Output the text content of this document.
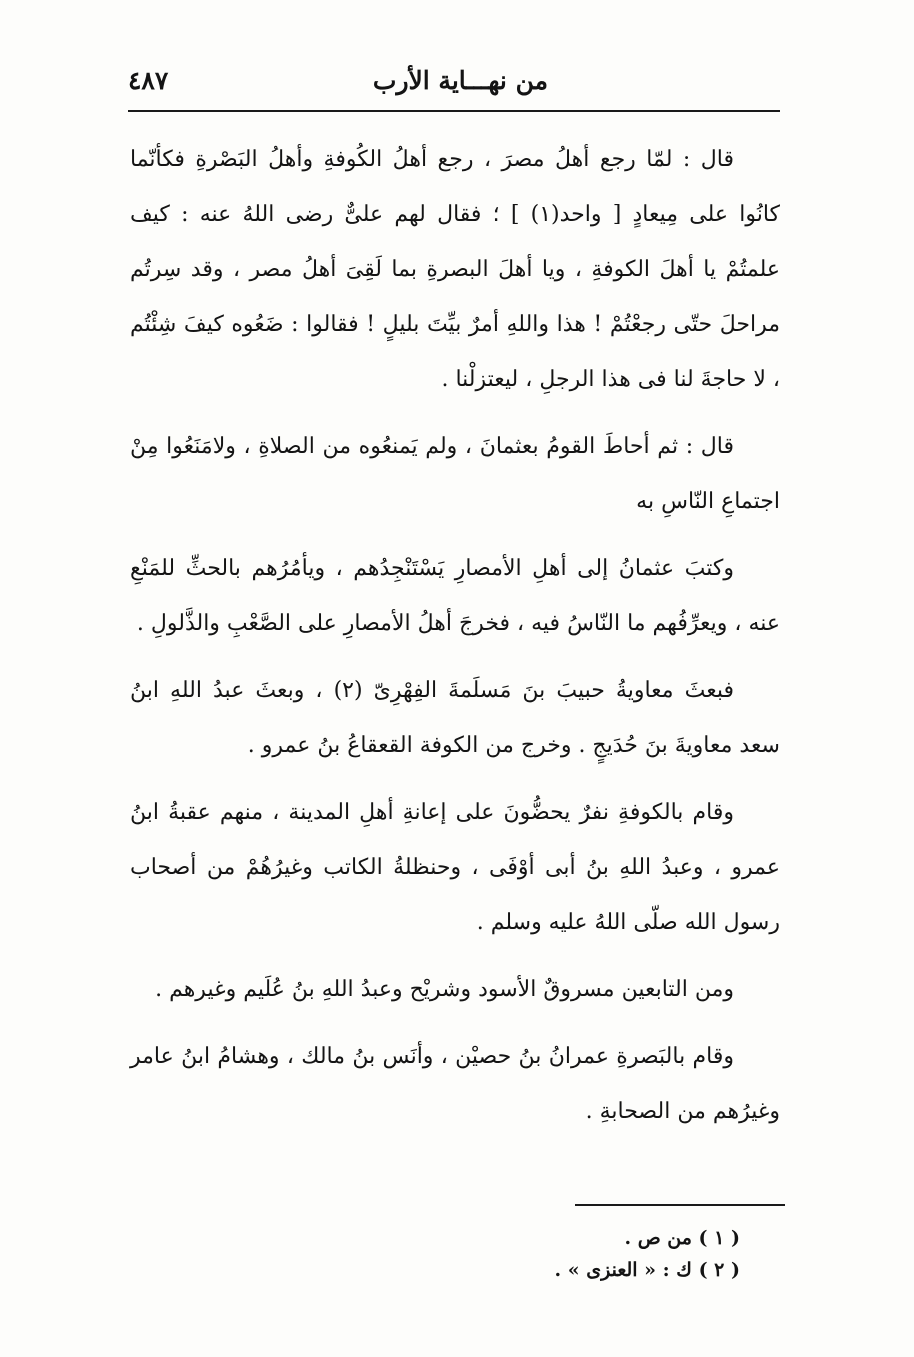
من نهـــاية الأرب
٤٨٧

قال : لمّا رجع أهلُ مصرَ ، رجع أهلُ الكُوفةِ وأهلُ البَصْرةِ فكأنّما كانُوا على مِيعادٍ [ واحد(١) ] ؛ فقال لهم علىٌّ رضى اللهُ عنه : كيف علمتُمْ يا أهلَ الكوفةِ ، ويا أهلَ البصرةِ بما لَقِىَ أهلُ مصر ، وقد سِرتُم مراحلَ حتّى رجعْتُمْ ! هذا واللهِ أمرٌ بيِّتَ بليلٍ ! فقالوا : ضَعُوه كيفَ شِئْتُم ، لا حاجةَ لنا فى هذا الرجلِ ، ليعتزلْنا .

قال : ثم أحاطَ القومُ بعثمانَ ، ولم يَمنعُوه من الصلاةِ ، ولامَنَعُوا مِنْ اجتماعِ النّاسِ به

وكتبَ عثمانُ إلى أهلِ الأمصارِ يَسْتَنْجِدُهم ، ويأمُرُهم بالحثِّ للمَنْعِ عنه ، ويعرِّفُهم ما النّاسُ فيه ، فخرجَ أهلُ الأمصارِ على الصَّعْبِ والذَّلولِ .

فبعثَ معاويةُ حبيبَ بنَ مَسلَمةَ الفِهْرِىّ (٢) ، وبعثَ عبدُ اللهِ ابنُ سعد معاويةَ بنَ حُدَيجٍ . وخرج من الكوفة القعقاعُ بنُ عمرو .

وقام بالكوفةِ نفرٌ يحضُّونَ على إعانةِ أهلِ المدينة ، منهم عقبةُ ابنُ عمرو ، وعبدُ اللهِ بنُ أبى أوْفَى ، وحنظلةُ الكاتب وغيرُهُمْ من أصحاب رسول الله صلّى اللهُ عليه وسلم .

ومن التابعين مسروقٌ الأسود وشريْح وعبدُ اللهِ بنُ عُلَيم وغيرهم .

وقام بالبَصرةِ عمرانُ بنُ حصيْن ، وأنَس بنُ مالك ، وهشامُ ابنُ عامر وغيرُهم من الصحابةِ .

( ١ ) من ص .
( ٢ ) ك : « العنزى » .
